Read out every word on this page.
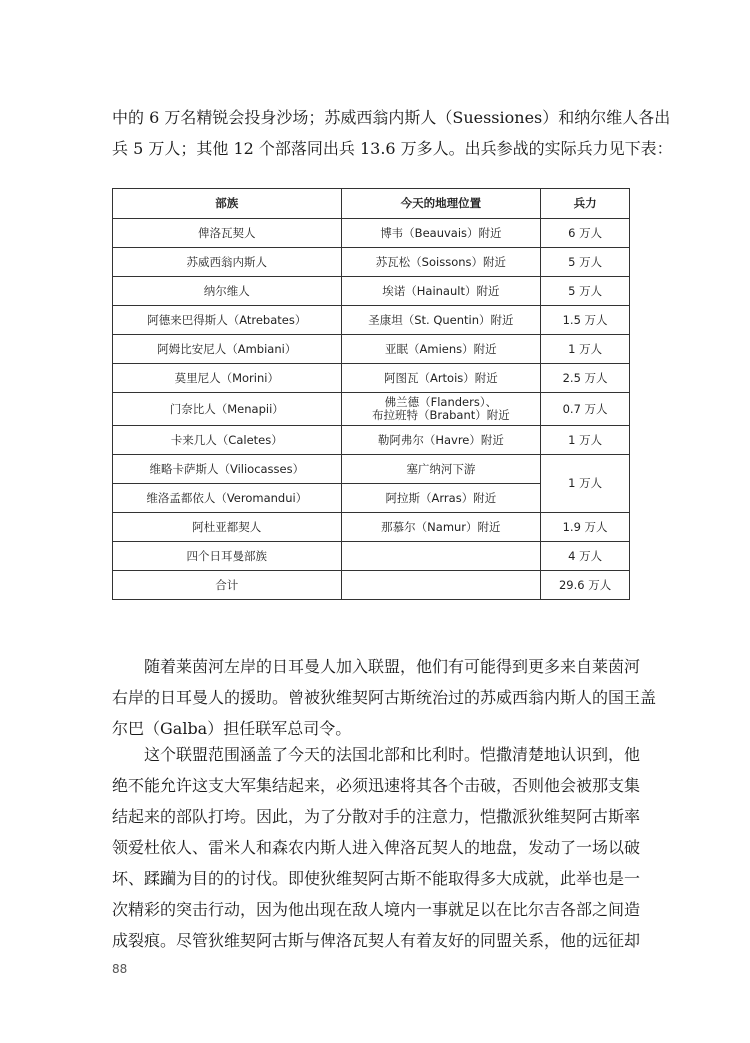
中的 6 万名精锐会投身沙场；苏威西翁内斯人（Suessiones）和纳尔维人各出
兵 5 万人；其他 12 个部落同出兵 13.6 万多人。出兵参战的实际兵力见下表：

部族	今天的地理位置	兵力
俾洛瓦契人	博韦（Beauvais）附近	6 万人
苏威西翁内斯人	苏瓦松（Soissons）附近	5 万人
纳尔维人	埃诺（Hainault）附近	5 万人
阿德来巴得斯人（Atrebates）	圣康坦（St. Quentin）附近	1.5 万人
阿姆比安尼人（Ambiani）	亚眠（Amiens）附近	1 万人
莫里尼人（Morini）	阿图瓦（Artois）附近	2.5 万人
门奈比人（Menapii）	佛兰德（Flanders）、
布拉班特（Brabant）附近	0.7 万人
卡来几人（Caletes）	勒阿弗尔（Havre）附近	1 万人
维略卡萨斯人（Viliocasses）	塞广纳河下游	1 万人
维洛孟都依人（Veromandui）	阿拉斯（Arras）附近	
阿杜亚都契人	那慕尔（Namur）附近	1.9 万人
四个日耳曼部族		4 万人
合计		29.6 万人

　　随着莱茵河左岸的日耳曼人加入联盟，他们有可能得到更多来自莱茵河
右岸的日耳曼人的援助。曾被狄维契阿古斯统治过的苏威西翁内斯人的国王盖
尔巴（Galba）担任联军总司令。

　　这个联盟范围涵盖了今天的法国北部和比利时。恺撒清楚地认识到，他
绝不能允许这支大军集结起来，必须迅速将其各个击破，否则他会被那支集
结起来的部队打垮。因此，为了分散对手的注意力，恺撒派狄维契阿古斯率
领爱杜依人、雷米人和森农内斯人进入俾洛瓦契人的地盘，发动了一场以破
坏、蹂躏为目的的讨伐。即使狄维契阿古斯不能取得多大成就，此举也是一
次精彩的突击行动，因为他出现在敌人境内一事就足以在比尔吉各部之间造
成裂痕。尽管狄维契阿古斯与俾洛瓦契人有着友好的同盟关系，他的远征却

88
